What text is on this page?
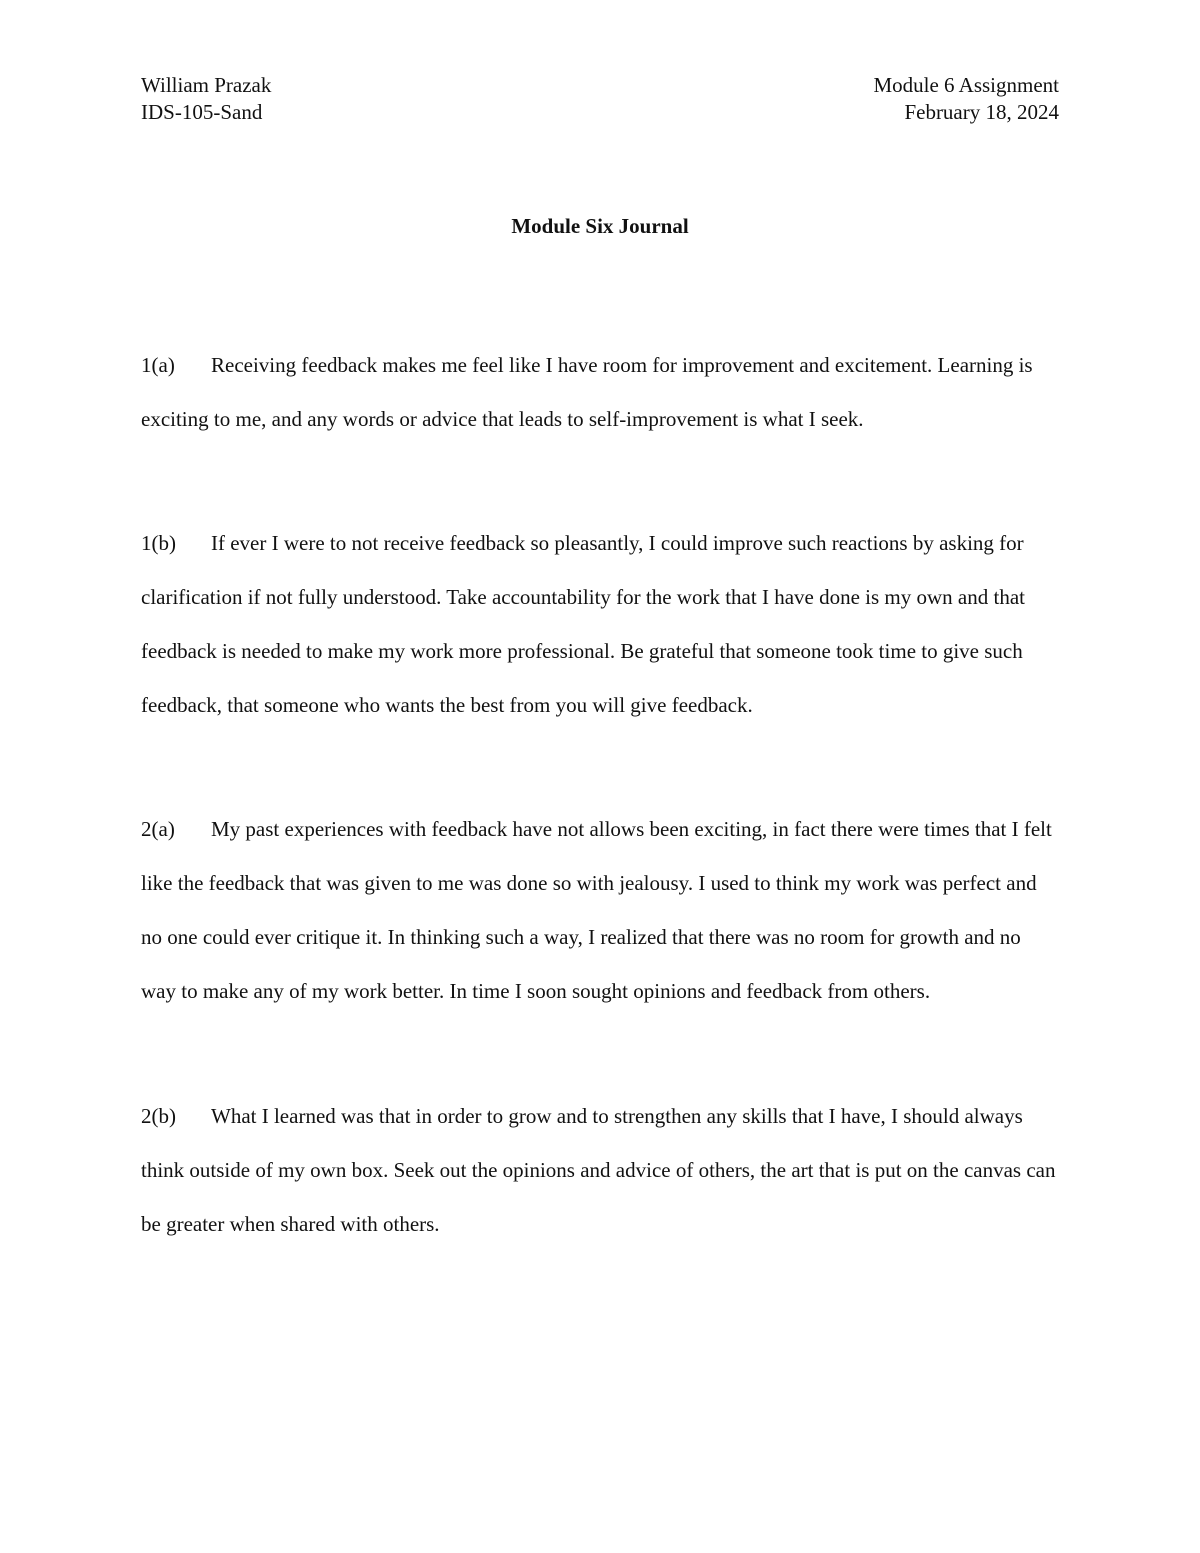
William Prazak	Module 6 Assignment
IDS-105-Sand	February 18, 2024
Module Six Journal

1(a) Receiving feedback makes me feel like I have room for improvement and excitement. Learning is exciting to me, and any words or advice that leads to self-improvement is what I seek.

1(b) If ever I were to not receive feedback so pleasantly, I could improve such reactions by asking for clarification if not fully understood. Take accountability for the work that I have done is my own and that feedback is needed to make my work more professional. Be grateful that someone took time to give such feedback, that someone who wants the best from you will give feedback.

2(a) My past experiences with feedback have not allows been exciting, in fact there were times that I felt like the feedback that was given to me was done so with jealousy. I used to think my work was perfect and no one could ever critique it. In thinking such a way, I realized that there was no room for growth and no way to make any of my work better. In time I soon sought opinions and feedback from others.

2(b) What I learned was that in order to grow and to strengthen any skills that I have, I should always think outside of my own box. Seek out the opinions and advice of others, the art that is put on the canvas can be greater when shared with others.
